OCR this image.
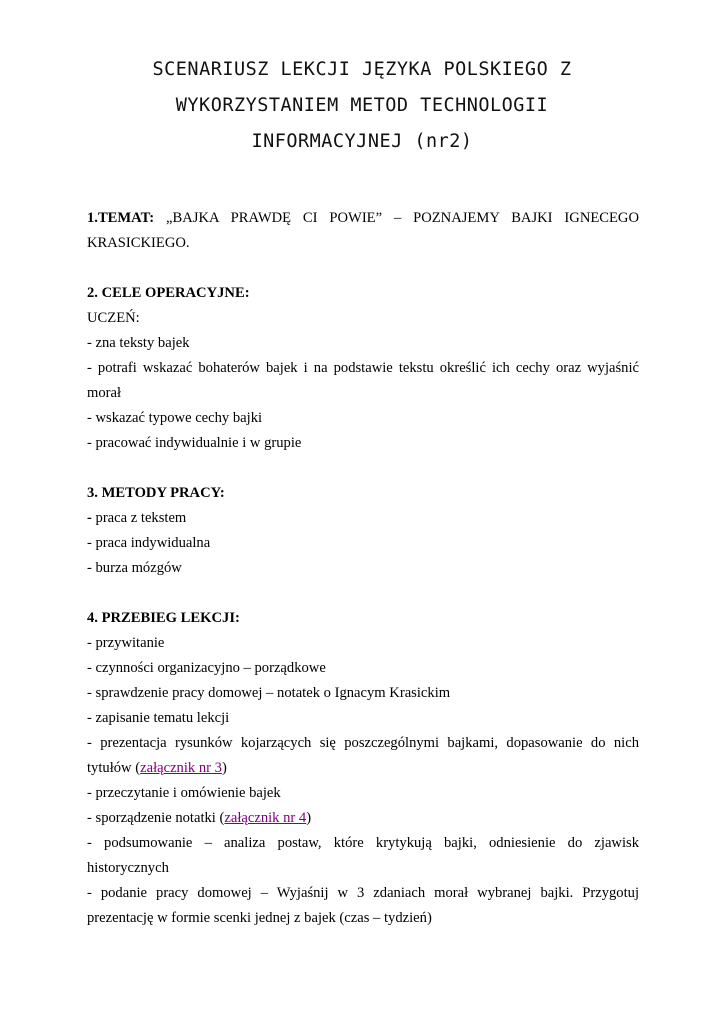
SCENARIUSZ LEKCJI JĘZYKA POLSKIEGO Z
WYKORZYSTANIEM METOD TECHNOLOGII
INFORMACYJNEJ (nr2)
1.TEMAT: „BAJKA PRAWDĘ CI POWIE” – POZNAJEMY BAJKI IGNECEGO KRASICKIEGO.
2. CELE OPERACYJNE:
UCZEŃ:
- zna teksty bajek
- potrafi wskazać bohaterów bajek i na podstawie tekstu określić ich cechy oraz wyjaśnić morał
- wskazać typowe cechy bajki
- pracować indywidualnie i w grupie
3. METODY PRACY:
- praca z tekstem
- praca indywidualna
- burza mózgów
4. PRZEBIEG LEKCJI:
- przywitanie
- czynności organizacyjno – porządkowe
- sprawdzenie pracy domowej – notatek o Ignacym Krasickim
- zapisanie tematu lekcji
- prezentacja rysunków kojarzących się poszczególnymi bajkami, dopasowanie do nich tytułów (załącznik nr 3)
- przeczytanie i omówienie bajek
- sporządzenie notatki (załącznik nr 4)
- podsumowanie – analiza postaw, które krytykują bajki, odniesienie do zjawisk historycznych
- podanie pracy domowej – Wyjaśnij w 3 zdaniach morał wybranej bajki. Przygotuj prezentację w formie scenki jednej z bajek (czas – tydzień)
